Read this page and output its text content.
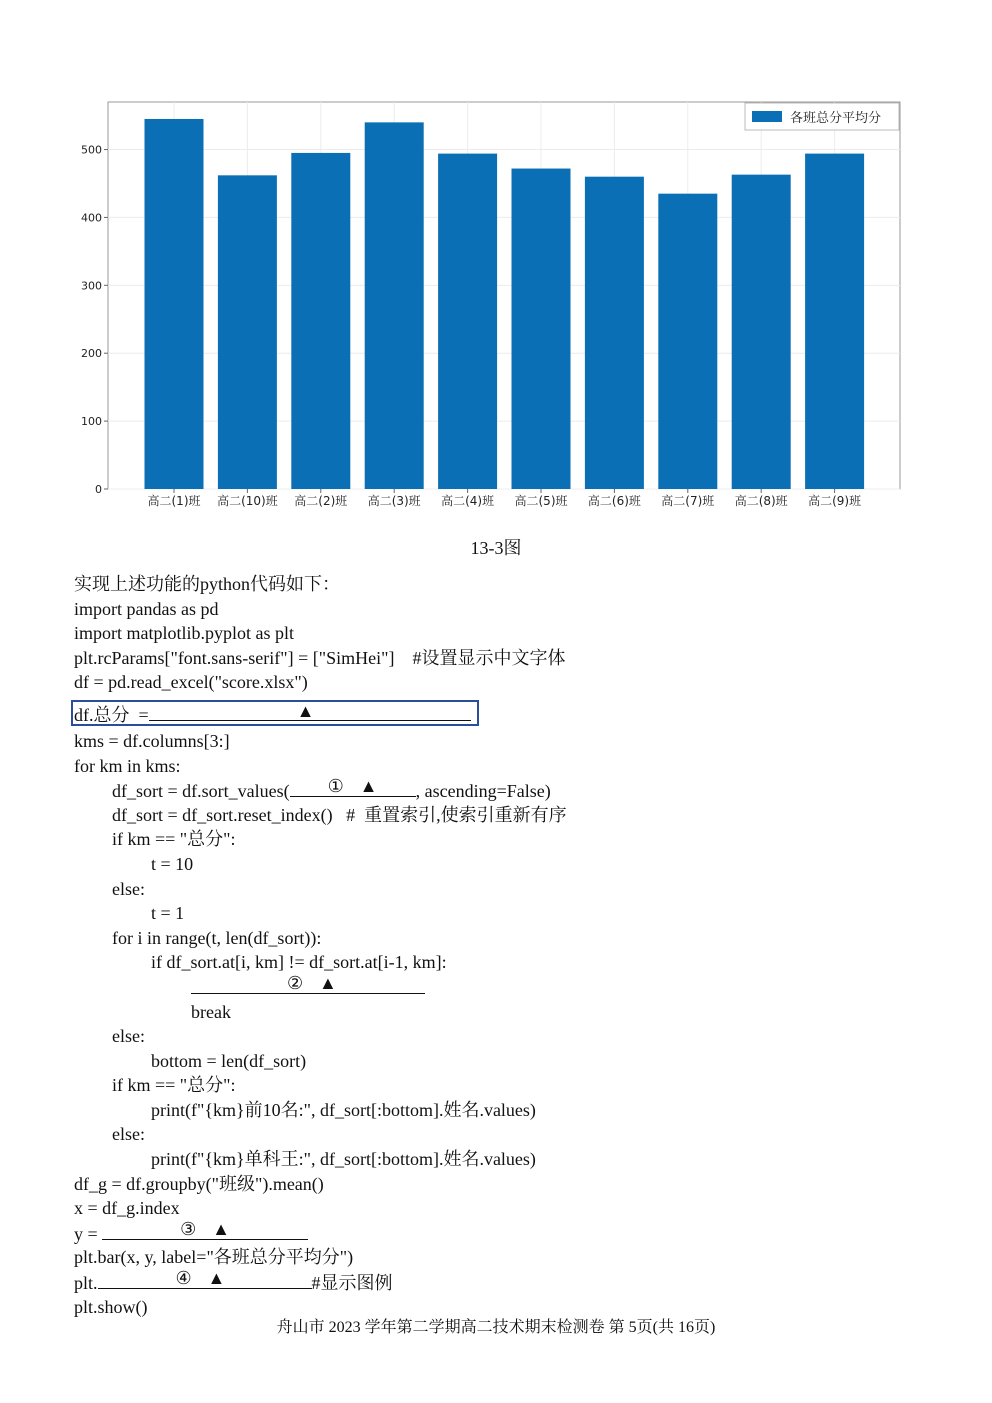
0
100
200
300
400
500
高二(1)班 高二(10)班 高二(2)班 高二(3)班 高二(4)班 高二(5)班 高二(6)班 高二(7)班 高二(8)班 高二(9)班
各班总分平均分
13-3图
实现上述功能的python代码如下：
import pandas as pd
import matplotlib.pyplot as plt
plt.rcParams["font.sans-serif"] = ["SimHei"]    #设置显示中文字体
df = pd.read_excel("score.xlsx")
df.总分  =	▲
kms = df.columns[3:]
for km in kms:
df_sort = df.sort_values( ① ▲ , ascending=False)
df_sort = df_sort.reset_index()   #  重置索引,使索引重新有序
if km == "总分":
t = 10
else:
t = 1
for i in range(t, len(df_sort)):
if df_sort.at[i, km] != df_sort.at[i-1, km]:
② ▲
break
else:
bottom = len(df_sort)
if km == "总分":
print(f"{km}前10名:", df_sort[:bottom].姓名.values)
else:
print(f"{km}单科王:", df_sort[:bottom].姓名.values)
df_g = df.groupby("班级").mean()
x = df_g.index
y =	③ ▲
plt.bar(x, y, label="各班总分平均分")
plt.	④ ▲	#显示图例
plt.show()
舟山市 2023 学年第二学期高二技术期末检测卷 第 5页(共 16页)
